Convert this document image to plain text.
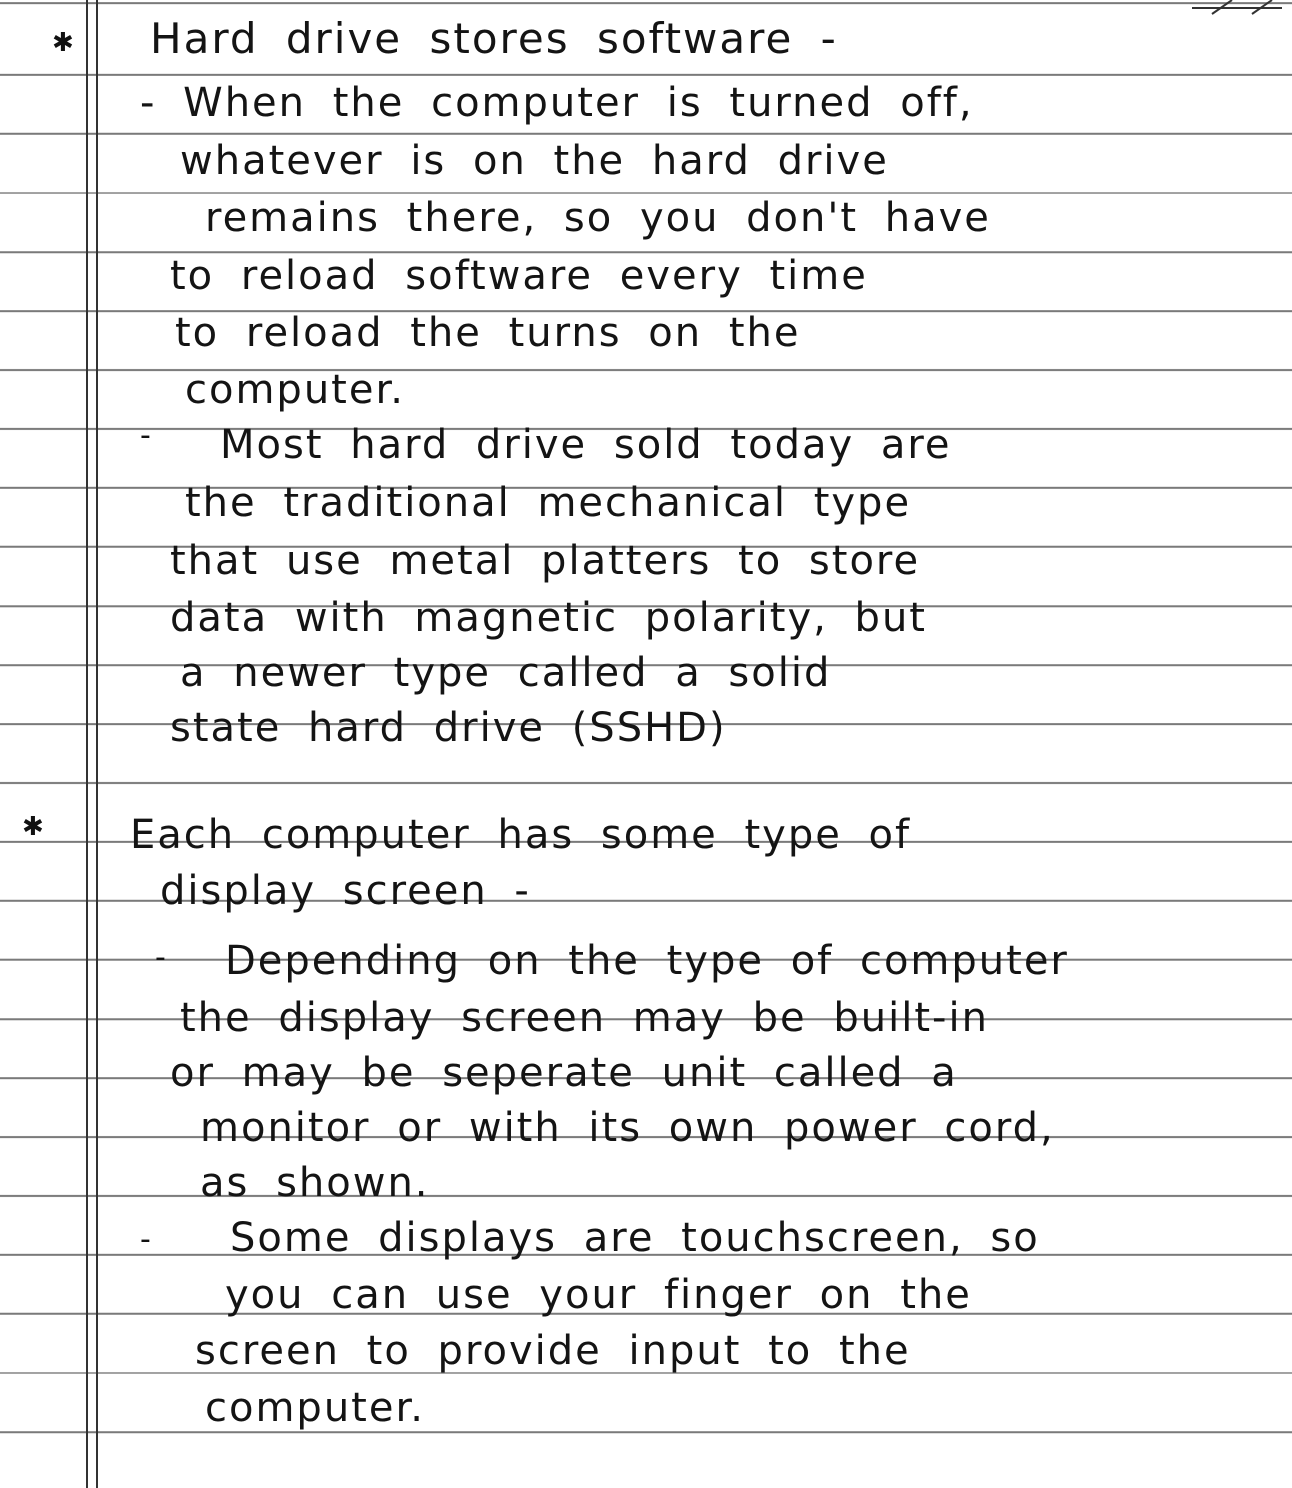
✱ Hard drive stores software -
- When the computer is turned off,
whatever is on the hard drive
remains there, so you don't have
to reload software every time
to reload the turns on the
computer.
- Most hard drive sold today are
the traditional mechanical type
that use metal platters to store
data with magnetic polarity, but
a newer type called a solid
state hard drive (SSHD)
✱ Each computer has some type of
display screen -
- Depending on the type of computer
the display screen may be built-in
or may be seperate unit called a
monitor or with its own power cord,
as shown.
- Some displays are touchscreen, so
you can use your finger on the
screen to provide input to the
computer.
